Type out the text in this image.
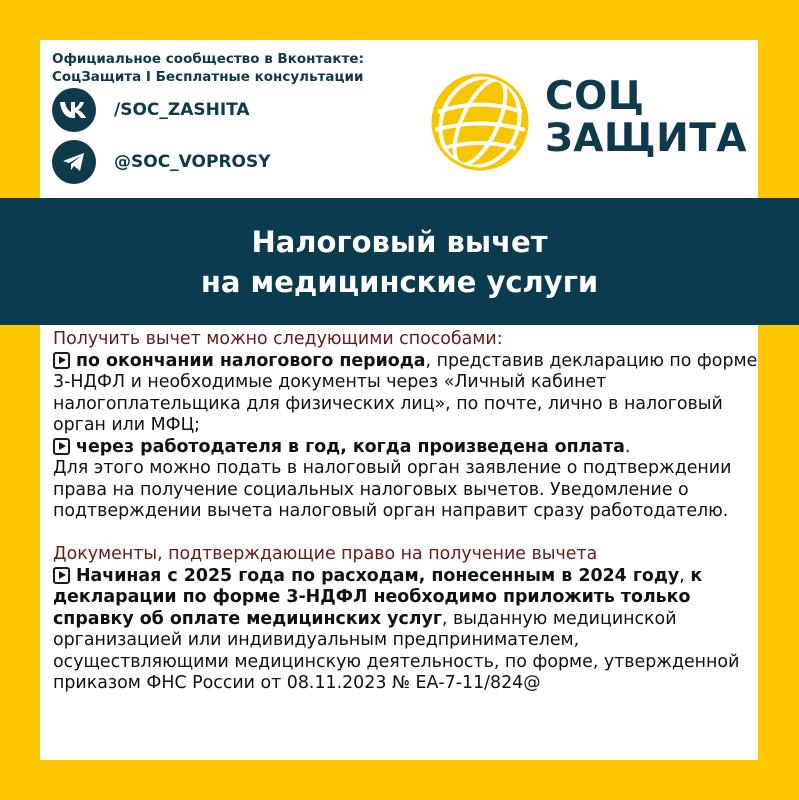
Официальное сообщество в Вконтакте:
СоцЗащита I Бесплатные консультации
/SOC_ZASHITA
@SOC_VOPROSY
СОЦ
ЗАЩИТА
Налоговый вычет
на медицинские услуги

Получить вычет можно следующими способами:

по окончании налогового периода, представив декларацию по форме 3-НДФЛ и необходимые документы через «Личный кабинет налогоплательщика для физических лиц», по почте, лично в налоговый орган или МФЦ;

через работодателя в год, когда произведена оплата.

Для этого можно подать в налоговый орган заявление о подтверждении права на получение социальных налоговых вычетов. Уведомление о подтверждении вычета налоговый орган направит сразу работодателю.

Документы, подтверждающие право на получение вычета

Начиная с 2025 года по расходам, понесенным в 2024 году, к декларации по форме 3-НДФЛ необходимо приложить только справку об оплате медицинских услуг, выданную медицинской организацией или индивидуальным предпринимателем, осуществляющими медицинскую деятельность, по форме, утвержденной приказом ФНС России от 08.11.2023 № ЕА-7-11/824@
